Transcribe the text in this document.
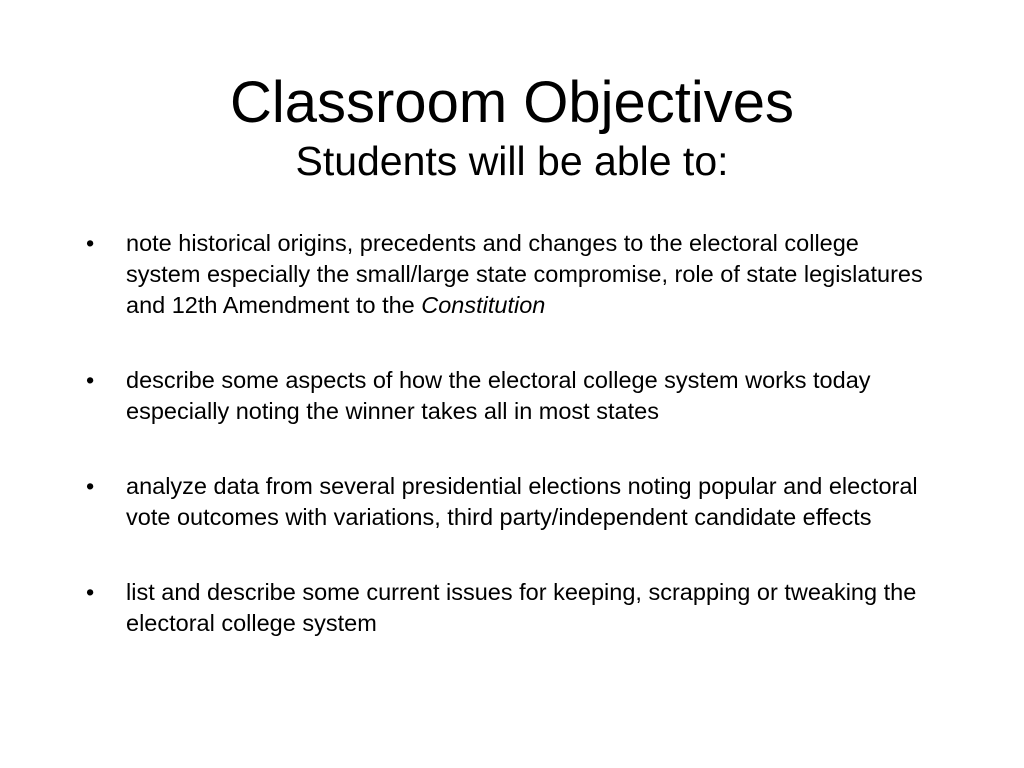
Classroom Objectives
Students will be able to:
•	note historical origins, precedents and changes to the electoral college system especially the small/large state compromise, role of state legislatures and 12th Amendment to the Constitution
•	describe some aspects of how the electoral college system works today especially noting the winner takes all in most states
•	analyze data from several presidential elections noting popular and electoral vote outcomes with variations, third party/independent candidate effects
•	list and describe some current issues for keeping, scrapping or tweaking the electoral college system
